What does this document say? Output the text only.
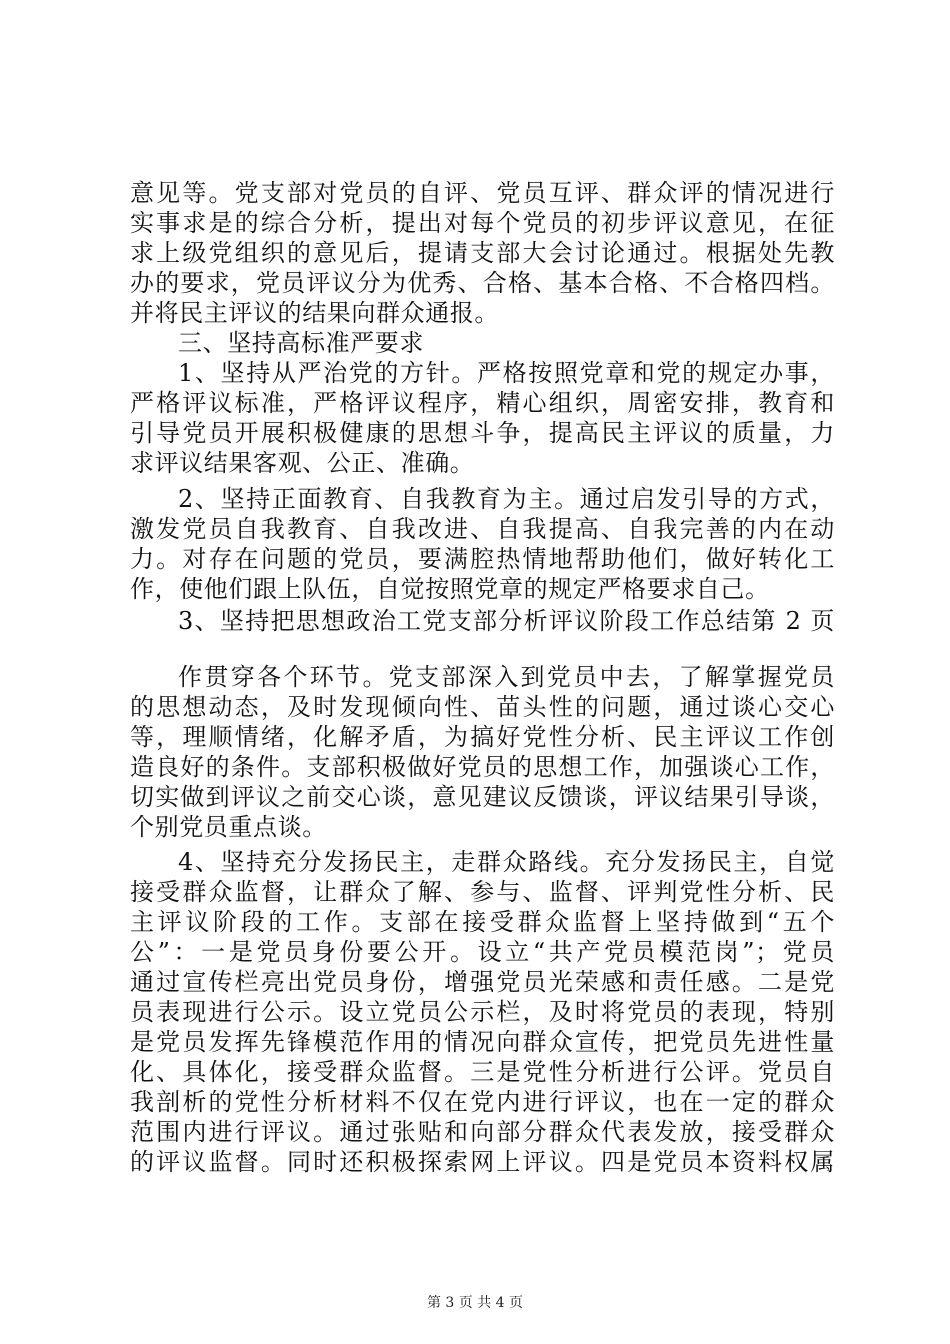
意见等。党支部对党员的自评、党员互评、群众评的情况进行
实事求是的综合分析，提出对每个党员的初步评议意见，在征
求上级党组织的意见后，提请支部大会讨论通过。根据处先教
办的要求，党员评议分为优秀、合格、基本合格、不合格四档。
并将民主评议的结果向群众通报。
三、坚持高标准严要求
1、坚持从严治党的方针。严格按照党章和党的规定办事，
严格评议标准，严格评议程序，精心组织，周密安排，教育和
引导党员开展积极健康的思想斗争，提高民主评议的质量，力
求评议结果客观、公正、准确。
2、坚持正面教育、自我教育为主。通过启发引导的方式，
激发党员自我教育、自我改进、自我提高、自我完善的内在动
力。对存在问题的党员，要满腔热情地帮助他们，做好转化工
作，使他们跟上队伍，自觉按照党章的规定严格要求自己。
3、坚持把思想政治工党支部分析评议阶段工作总结第 2 页
作贯穿各个环节。党支部深入到党员中去，了解掌握党员
的思想动态，及时发现倾向性、苗头性的问题，通过谈心交心
等，理顺情绪，化解矛盾，为搞好党性分析、民主评议工作创
造良好的条件。支部积极做好党员的思想工作，加强谈心工作，
切实做到评议之前交心谈，意见建议反馈谈，评议结果引导谈，
个别党员重点谈。
4、坚持充分发扬民主，走群众路线。充分发扬民主，自觉
接受群众监督，让群众了解、参与、监督、评判党性分析、民
主评议阶段的工作。支部在接受群众监督上坚持做到“五个
公”：一是党员身份要公开。设立“共产党员模范岗”；党员
通过宣传栏亮出党员身份，增强党员光荣感和责任感。二是党
员表现进行公示。设立党员公示栏，及时将党员的表现，特别
是党员发挥先锋模范作用的情况向群众宣传，把党员先进性量
化、具体化，接受群众监督。三是党性分析进行公评。党员自
我剖析的党性分析材料不仅在党内进行评议，也在一定的群众
范围内进行评议。通过张贴和向部分群众代表发放，接受群众
的评议监督。同时还积极探索网上评议。四是党员本资料权属
第 3 页 共 4 页
